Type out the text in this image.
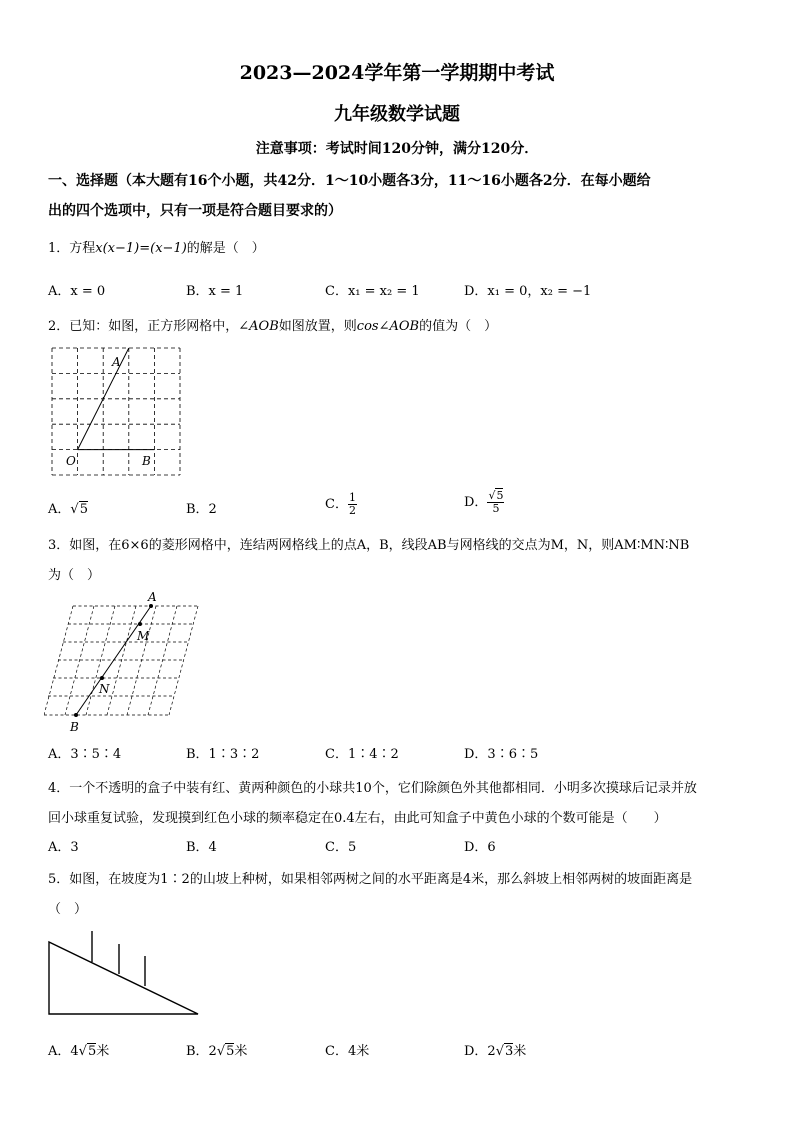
2023—2024学年第一学期期中考试
九年级数学试题
注意事项：考试时间120分钟，满分120分．
一、选择题（本大题有16个小题，共42分．1～10小题各3分，11～16小题各2分．在每小题给
出的四个选项中，只有一项是符合题目要求的）
1．方程x(x−1)=(x−1)的解是（　）
A．x = 0	B．x = 1	C．x₁ = x₂ = 1	D．x₁ = 0，x₂ = −1
2．已知：如图，正方形网格中，∠AOB如图放置，则cos∠AOB的值为（　）
A
O	B
A．√5	B．2	C． $\frac{1}{2}$	D． $\frac{√5}{5}$
3．如图，在6×6的菱形网格中，连结两网格线上的点A，B，线段AB与网格线的交点为M，N，则AM∶MN∶NB
为（　）
A
M
N
B
A．3∶5∶4	B．1∶3∶2	C．1∶4∶2	D．3∶6∶5
4．一个不透明的盒子中装有红、黄两种颜色的小球共10个，它们除颜色外其他都相同．小明多次摸球后记录并放
回小球重复试验，发现摸到红色小球的频率稳定在0.4左右，由此可知盒子中黄色小球的个数可能是（　　）
A．3	B．4	C．5	D．6
5．如图，在坡度为1∶2的山坡上种树，如果相邻两树之间的水平距离是4米，那么斜坡上相邻两树的坡面距离是
（　）
A．4√5米	B．2√5米	C．4米	D．2√3米
